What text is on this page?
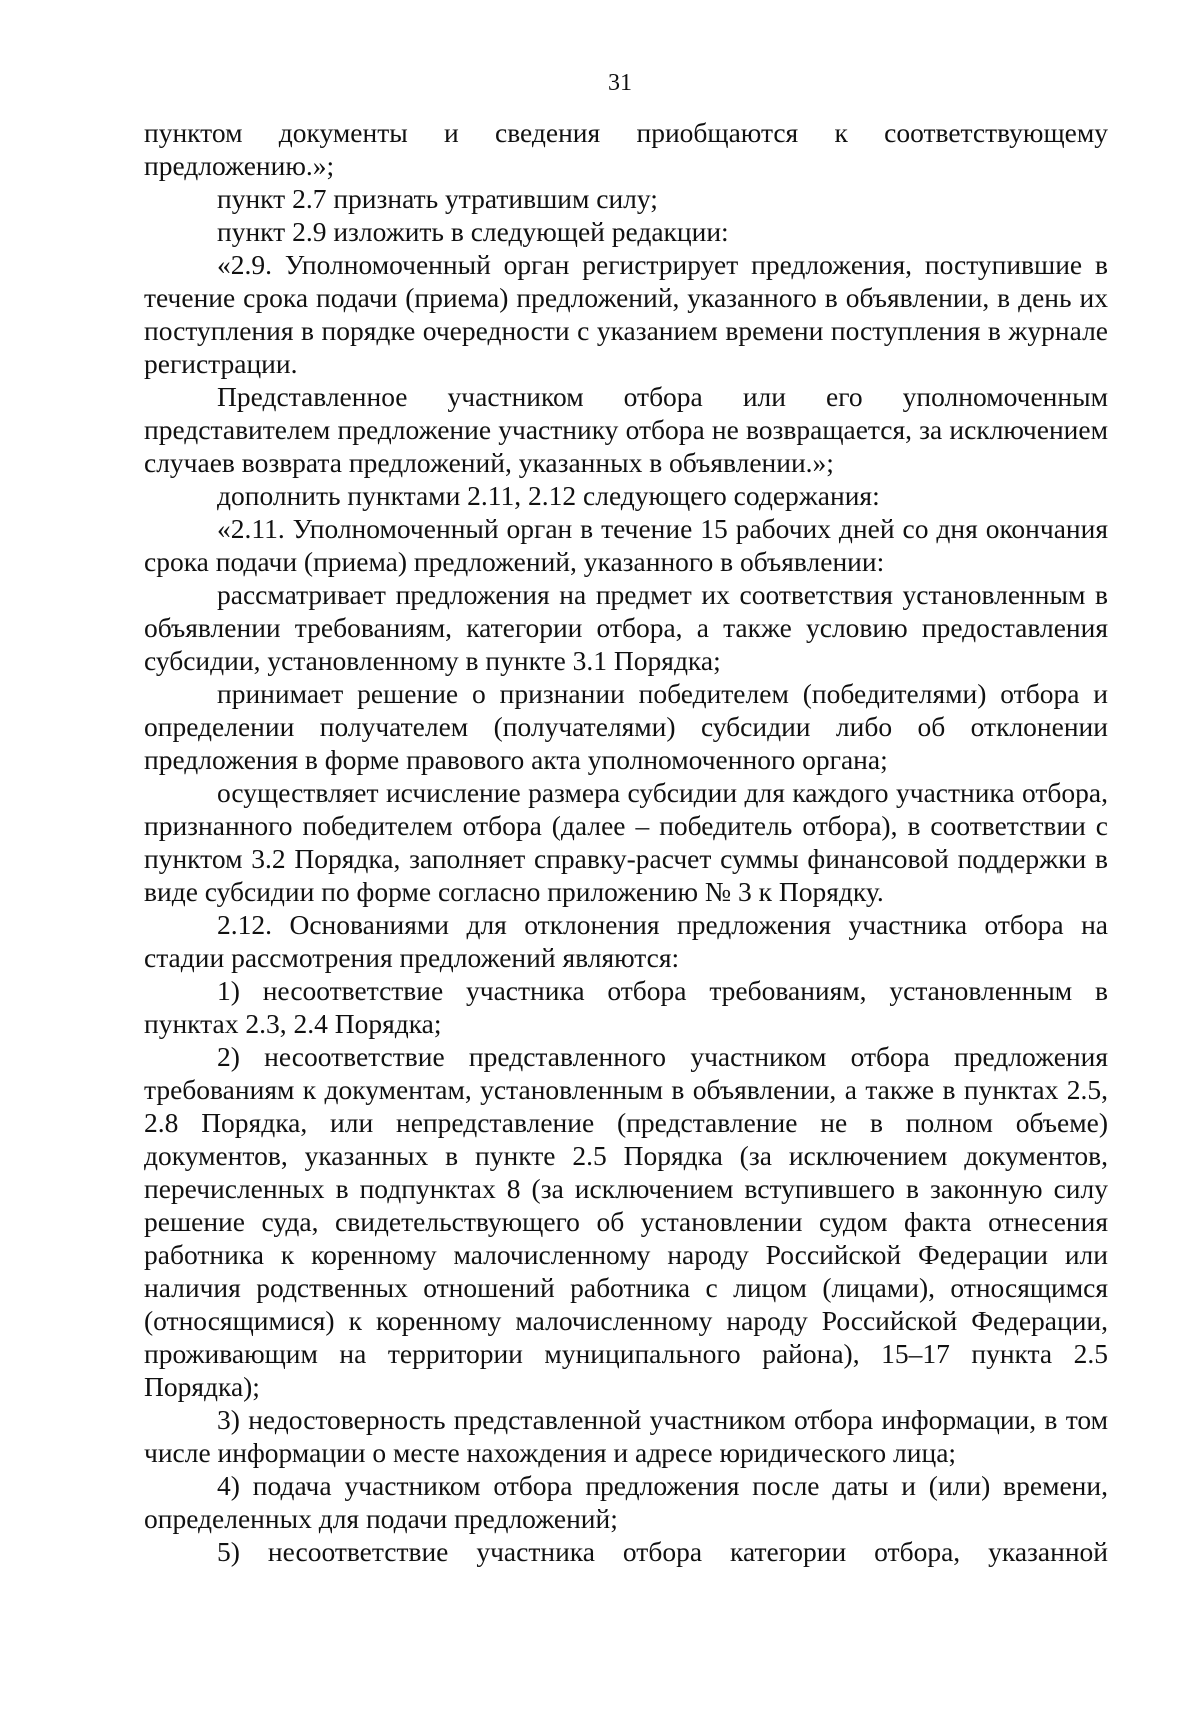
31

пунктом документы и сведения приобщаются к соответствующему предложению.»;

пункт 2.7 признать утратившим силу;

пункт 2.9 изложить в следующей редакции:

«2.9. Уполномоченный орган регистрирует предложения, поступившие в течение срока подачи (приема) предложений, указанного в объявлении, в день их поступления в порядке очередности с указанием времени поступления в журнале регистрации.

Представленное участником отбора или его уполномоченным представителем предложение участнику отбора не возвращается, за исключением случаев возврата предложений, указанных в объявлении.»;

дополнить пунктами 2.11, 2.12 следующего содержания:

«2.11. Уполномоченный орган в течение 15 рабочих дней со дня окончания срока подачи (приема) предложений, указанного в объявлении:

рассматривает предложения на предмет их соответствия установленным в объявлении требованиям, категории отбора, а также условию предоставления субсидии, установленному в пункте 3.1 Порядка;

принимает решение о признании победителем (победителями) отбора и определении получателем (получателями) субсидии либо об отклонении предложения в форме правового акта уполномоченного органа;

осуществляет исчисление размера субсидии для каждого участника отбора, признанного победителем отбора (далее – победитель отбора), в соответствии с пунктом 3.2 Порядка, заполняет справку-расчет суммы финансовой поддержки в виде субсидии по форме согласно приложению № 3 к Порядку.

2.12. Основаниями для отклонения предложения участника отбора на стадии рассмотрения предложений являются:

1) несоответствие участника отбора требованиям, установленным в пунктах 2.3, 2.4 Порядка;

2) несоответствие представленного участником отбора предложения требованиям к документам, установленным в объявлении, а также в пунктах 2.5, 2.8 Порядка, или непредставление (представление не в полном объеме) документов, указанных в пункте 2.5 Порядка (за исключением документов, перечисленных в подпунктах 8 (за исключением вступившего в законную силу решение суда, свидетельствующего об установлении судом факта отнесения работника к коренному малочисленному народу Российской Федерации или наличия родственных отношений работника с лицом (лицами), относящимся (относящимися) к коренному малочисленному народу Российской Федерации, проживающим на территории муниципального района), 15–17 пункта 2.5 Порядка);

3) недостоверность представленной участником отбора информации, в том числе информации о месте нахождения и адресе юридического лица;

4) подача участником отбора предложения после даты и (или) времени, определенных для подачи предложений;

5) несоответствие участника отбора категории отбора, указанной
